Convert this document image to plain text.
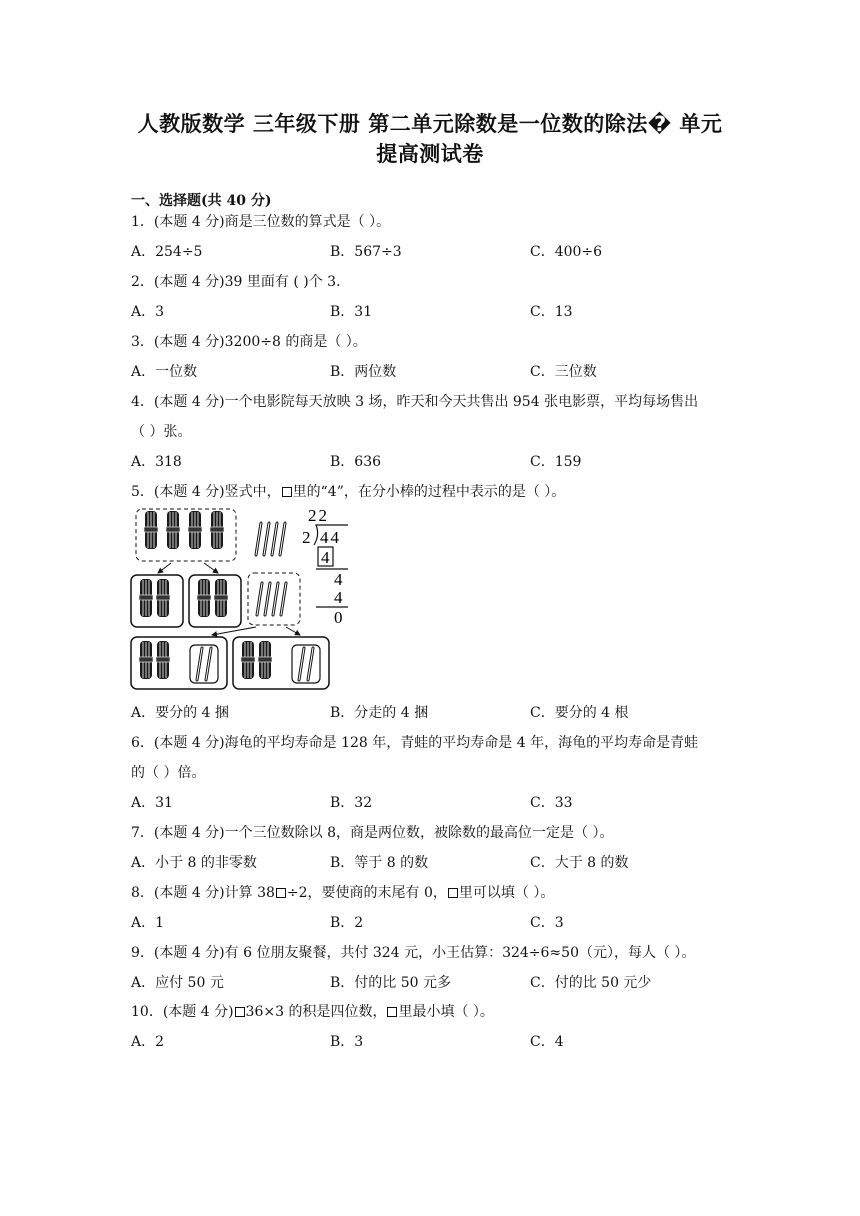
人教版数学 三年级下册 第二单元除数是一位数的除法� 单元
提高测试卷
一、选择题(共 40 分)
1．(本题 4 分)商是三位数的算式是（ ）。
A．254÷5	B．567÷3	C．400÷6
2．(本题 4 分)39 里面有 ( )个 3．
A．3	B．31	C．13
3．(本题 4 分)3200÷8 的商是（ ）。
A．一位数	B．两位数	C．三位数
4．(本题 4 分)一个电影院每天放映 3 场，昨天和今天共售出 954 张电影票，平均每场售出
（ ）张。
A．318	B．636	C．159
5．(本题 4 分)竖式中， 里的“4”，在分小棒的过程中表示的是（ ）。
22
2 44
4
4
4
0
A．要分的 4 捆	B．分走的 4 捆	C．要分的 4 根
6．(本题 4 分)海龟的平均寿命是 128 年，青蛙的平均寿命是 4 年，海龟的平均寿命是青蛙
的（ ）倍。
A．31	B．32	C．33
7．(本题 4 分)一个三位数除以 8，商是两位数，被除数的最高位一定是（ ）。
A．小于 8 的非零数	B．等于 8 的数	C．大于 8 的数
8．(本题 4 分)计算 38 ÷2，要使商的末尾有 0， 里可以填（ ）。
A．1	B．2	C．3
9．(本题 4 分)有 6 位朋友聚餐，共付 324 元，小王估算：324÷6≈50（元），每人（ ）。
A．应付 50 元	B．付的比 50 元多	C．付的比 50 元少
10．(本题 4 分) 36×3 的积是四位数， 里最小填（ ）。
A．2	B．3	C．4
